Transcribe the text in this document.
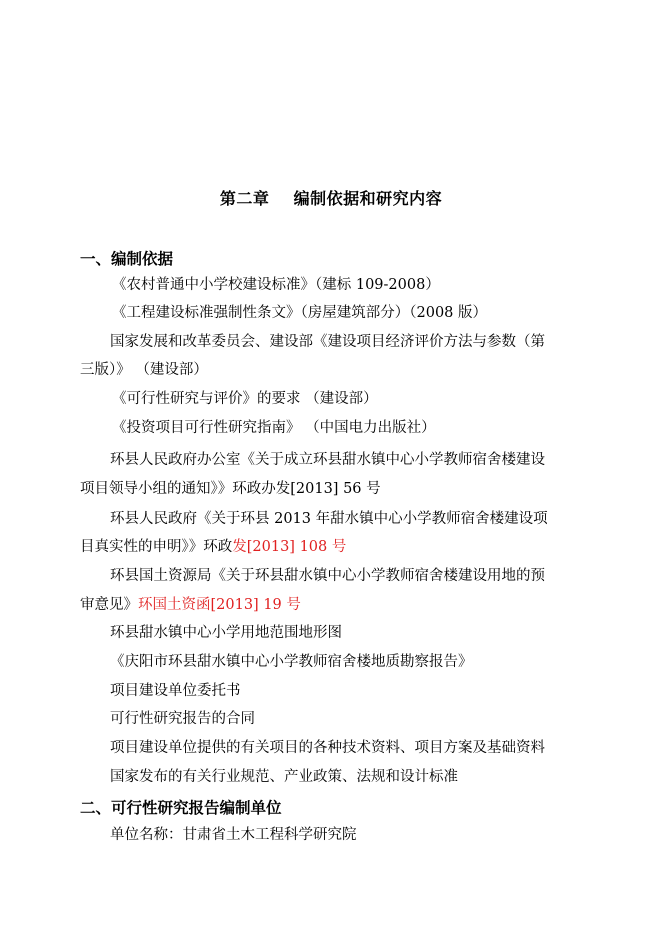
第二章    编制依据和研究内容
一、编制依据
《农村普通中小学校建设标准》（建标 109-2008）
《工程建设标准强制性条文》（房屋建筑部分）（2008 版）
国家发展和改革委员会、建设部《建设项目经济评价方法与参数（第
三版）》 （建设部）
《可行性研究与评价》的要求 （建设部）
《投资项目可行性研究指南》 （中国电力出版社）
环县人民政府办公室《关于成立环县甜水镇中心小学教师宿舍楼建设
项目领导小组的通知》》环政办发[2013] 56 号
环县人民政府《关于环县 2013 年甜水镇中心小学教师宿舍楼建设项
目真实性的申明》》环政发[2013] 108 号
环县国土资源局《关于环县甜水镇中心小学教师宿舍楼建设用地的预
审意见》环国土资函[2013] 19 号
环县甜水镇中心小学用地范围地形图
《庆阳市环县甜水镇中心小学教师宿舍楼地质勘察报告》
项目建设单位委托书
可行性研究报告的合同
项目建设单位提供的有关项目的各种技术资料、项目方案及基础资料
国家发布的有关行业规范、产业政策、法规和设计标准
二、可行性研究报告编制单位
单位名称：甘肃省土木工程科学研究院
